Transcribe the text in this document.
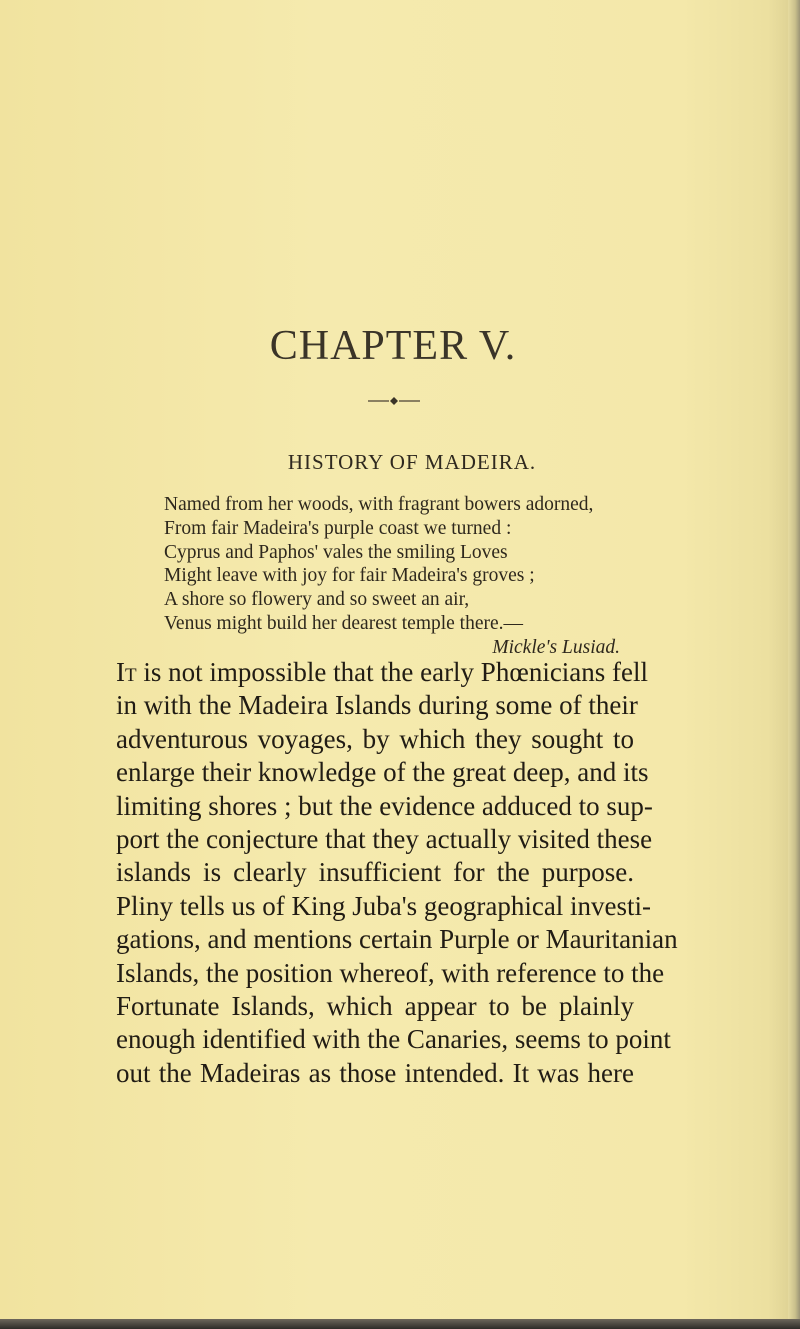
CHAPTER V.
HISTORY OF MADEIRA.
Named from her woods, with fragrant bowers adorned,
From fair Madeira's purple coast we turned :
Cyprus and Paphos' vales the smiling Loves
Might leave with joy for fair Madeira's groves ;
A shore so flowery and so sweet an air,
Venus might build her dearest temple there.—
Mickle's Lusiad.
It is not impossible that the early Phœnicians fell
in with the Madeira Islands during some of their
adventurous voyages, by which they sought to
enlarge their knowledge of the great deep, and its
limiting shores ; but the evidence adduced to sup-
port the conjecture that they actually visited these
islands is clearly insufficient for the purpose.
Pliny tells us of King Juba's geographical investi-
gations, and mentions certain Purple or Mauritanian
Islands, the position whereof, with reference to the
Fortunate Islands, which appear to be plainly
enough identified with the Canaries, seems to point
out the Madeiras as those intended. It was here
